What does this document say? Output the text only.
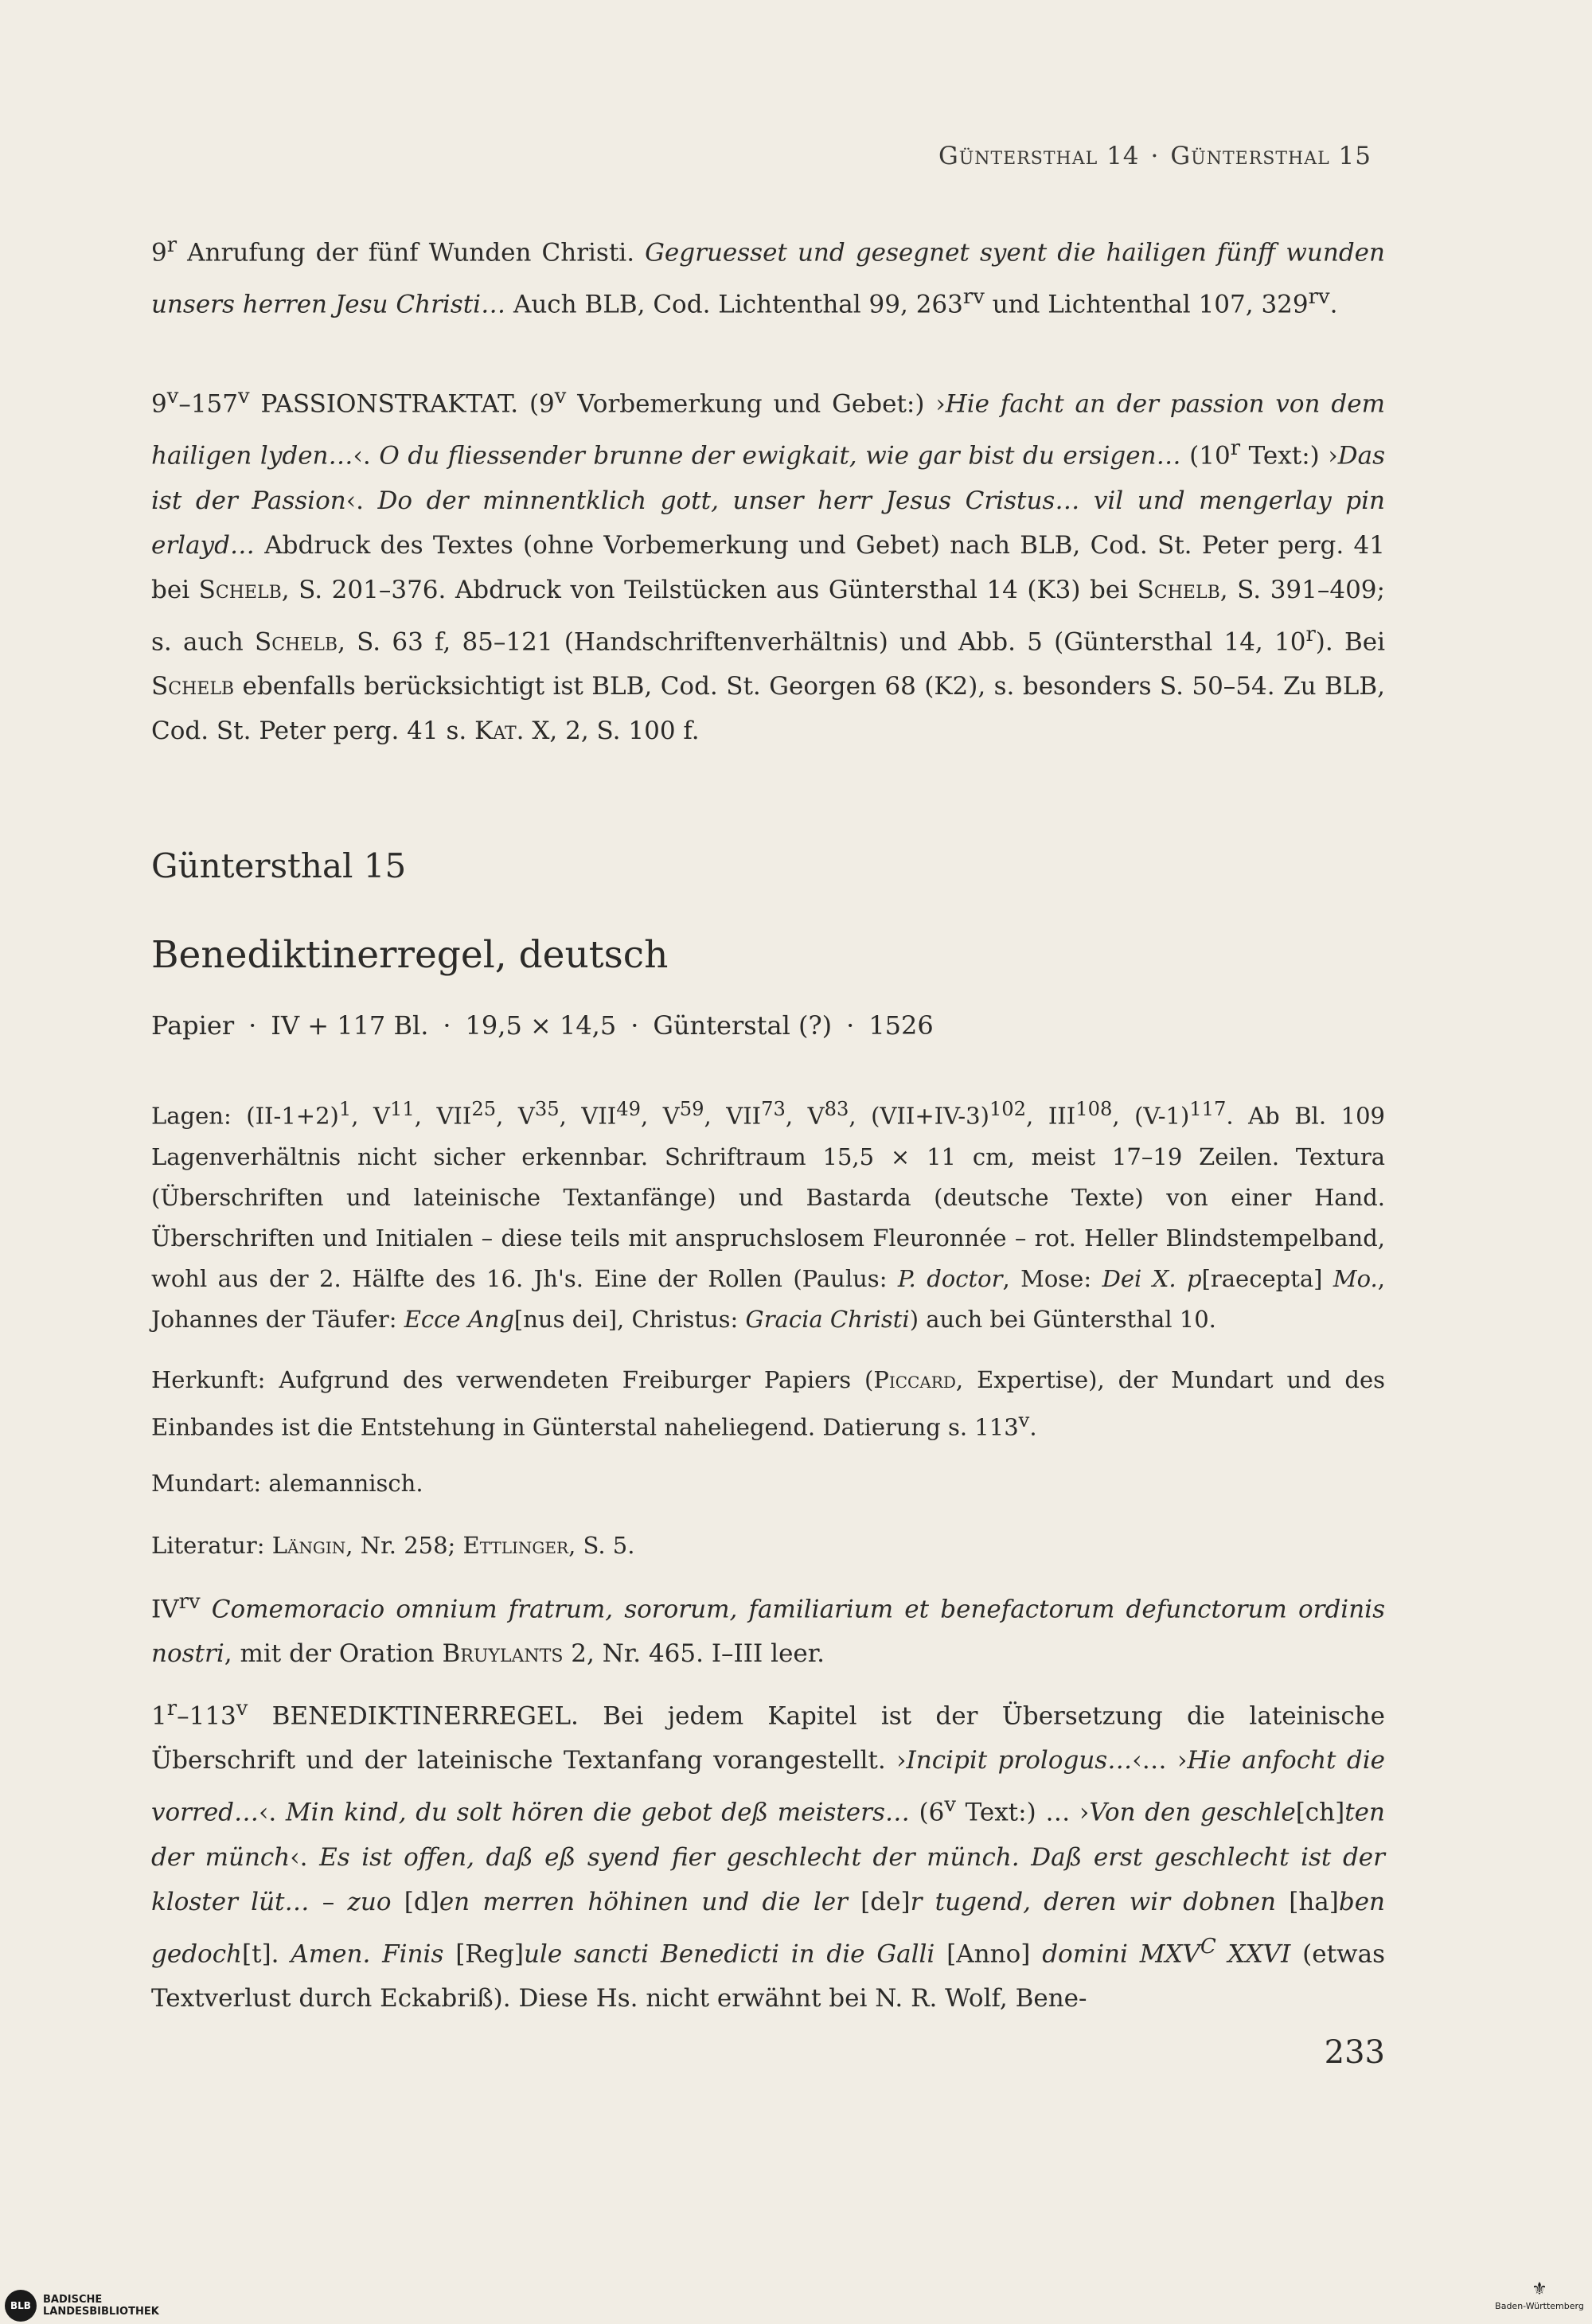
Güntersthal 14 · Güntersthal 15

9$^r$ Anrufung der fünf Wunden Christi. Gegruesset und gesegnet syent die hailigen fünff wunden unsers herren Jesu Christi… Auch BLB, Cod. Lichtenthal 99, $263^{rv}$ und Lichtenthal 107, $329^{rv}$.

9$^v$–157$^v$ PASSIONSTRAKTAT. (9$^v$ Vorbemerkung und Gebet:) ›Hie facht an der passion von dem hailigen lyden…‹. O du fliessender brunne der ewigkait, wie gar bist du ersigen… (10$^r$ Text:) ›Das ist der Passion‹. Do der minnentklich gott, unser herr Jesus Cristus… vil und mengerlay pin erlayd… Abdruck des Textes (ohne Vorbemerkung und Gebet) nach BLB, Cod. St. Peter perg. 41 bei Schelb, S. 201–376. Abdruck von Teilstücken aus Güntersthal 14 (K3) bei Schelb, S. 391–409; s. auch Schelb, S. 63 f, 85–121 (Handschriftenverhältnis) und Abb. 5 (Güntersthal 14, 10$^r$). Bei Schelb ebenfalls berücksichtigt ist BLB, Cod. St. Georgen 68 (K2), s. besonders S. 50–54. Zu BLB, Cod. St. Peter perg. 41 s. Kat. X, 2, S. 100 f.

Güntersthal 15
Benediktinerregel, deutsch
Papier · IV + 117 Bl. · 19,5 × 14,5 · Günterstal (?) · 1526

Lagen: $(II-1+2)^1$, $V^{11}$, VII$^{25}$, $V^{35}$, VII$^{49}$, $V^{59}$, VII$^{73}$, $V^{83}$, $(VII+IV-3)^{102}$, III$^{108}$, $(V-1)^{117}$. Ab Bl. 109 Lagenverhältnis nicht sicher erkennbar. Schriftraum 15,5 × 11 cm, meist 17–19 Zeilen. Textura (Überschriften und lateinische Textanfänge) und Bastarda (deutsche Texte) von einer Hand. Überschriften und Initialen – diese teils mit anspruchslosem Fleuronnée – rot. Heller Blindstempelband, wohl aus der 2. Hälfte des 16. Jh's. Eine der Rollen (Paulus: P. doctor, Mose: Dei X. p[raecepta] Mo., Johannes der Täufer: Ecce Ang[nus dei], Christus: Gracia Christi) auch bei Güntersthal 10.

Herkunft: Aufgrund des verwendeten Freiburger Papiers (Piccard, Expertise), der Mundart und des Einbandes ist die Entstehung in Günterstal naheliegend. Datierung s. 113$^v$.

Mundart: alemannisch.

Literatur: Längin, Nr. 258; Ettlinger, S. 5.

$IV^{rv}$ Comemoracio omnium fratrum, sororum, familiarium et benefactorum defunctorum ordinis nostri, mit der Oration Bruylants 2, Nr. 465. I–III leer.

1$^r$–113$^v$ BENEDIKTINERREGEL. Bei jedem Kapitel ist der Übersetzung die lateinische Überschrift und der lateinische Textanfang vorangestellt. ›Incipit prologus…‹… ›Hie anfocht die vorred…‹. Min kind, du solt hören die gebot deß meisters… (6$^v$ Text:) … ›Von den geschle[ch]ten der münch‹. Es ist offen, daß eß syend fier geschlecht der münch. Daß erst geschlecht ist der kloster lüt… – zuo [d]en merren höhinen und die ler [de]r tugend, deren wir dobnen [ha]ben gedoch[t]. Amen. Finis [Reg]ule sancti Benedicti in die Galli [Anno] domini $MXV^C$ XXVI (etwas Textverlust durch Eckabriß). Diese Hs. nicht erwähnt bei N. R. Wolf, Bene-

233
BLB	BADISCHE
LANDESBIBLIOTHEK
⚜
Baden-Württemberg
